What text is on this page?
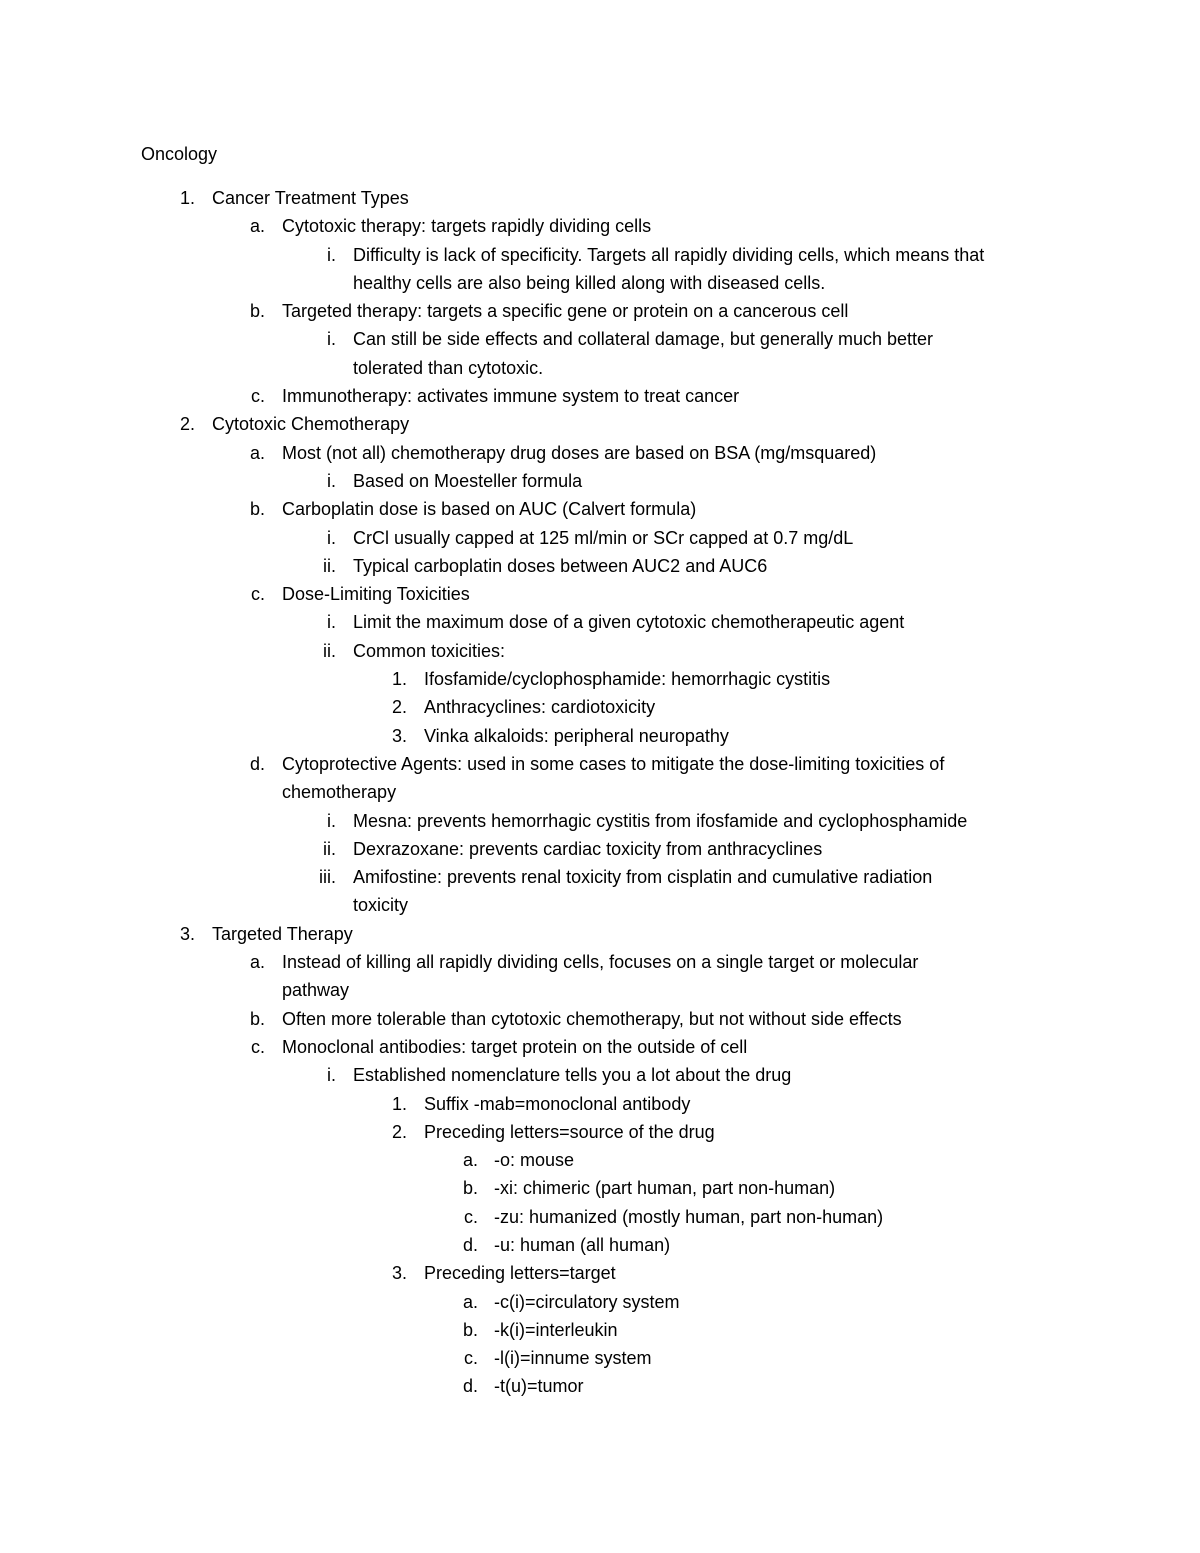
Oncology
1. Cancer Treatment Types
a. Cytotoxic therapy: targets rapidly dividing cells
i. Difficulty is lack of specificity. Targets all rapidly dividing cells, which means that
healthy cells are also being killed along with diseased cells.
b. Targeted therapy: targets a specific gene or protein on a cancerous cell
i. Can still be side effects and collateral damage, but generally much better
tolerated than cytotoxic.
c. Immunotherapy: activates immune system to treat cancer
2. Cytotoxic Chemotherapy
a. Most (not all) chemotherapy drug doses are based on BSA (mg/msquared)
i. Based on Moesteller formula
b. Carboplatin dose is based on AUC (Calvert formula)
i. CrCl usually capped at 125 ml/min or SCr capped at 0.7 mg/dL
ii. Typical carboplatin doses between AUC2 and AUC6
c. Dose-Limiting Toxicities
i. Limit the maximum dose of a given cytotoxic chemotherapeutic agent
ii. Common toxicities:
1. Ifosfamide/cyclophosphamide: hemorrhagic cystitis
2. Anthracyclines: cardiotoxicity
3. Vinka alkaloids: peripheral neuropathy
d. Cytoprotective Agents: used in some cases to mitigate the dose-limiting toxicities of
chemotherapy
i. Mesna: prevents hemorrhagic cystitis from ifosfamide and cyclophosphamide
ii. Dexrazoxane: prevents cardiac toxicity from anthracyclines
iii. Amifostine: prevents renal toxicity from cisplatin and cumulative radiation
toxicity
3. Targeted Therapy
a. Instead of killing all rapidly dividing cells, focuses on a single target or molecular
pathway
b. Often more tolerable than cytotoxic chemotherapy, but not without side effects
c. Monoclonal antibodies: target protein on the outside of cell
i. Established nomenclature tells you a lot about the drug
1. Suffix -mab=monoclonal antibody
2. Preceding letters=source of the drug
a. -o: mouse
b. -xi: chimeric (part human, part non-human)
c. -zu: humanized (mostly human, part non-human)
d. -u: human (all human)
3. Preceding letters=target
a. -c(i)=circulatory system
b. -k(i)=interleukin
c. -l(i)=innume system
d. -t(u)=tumor
